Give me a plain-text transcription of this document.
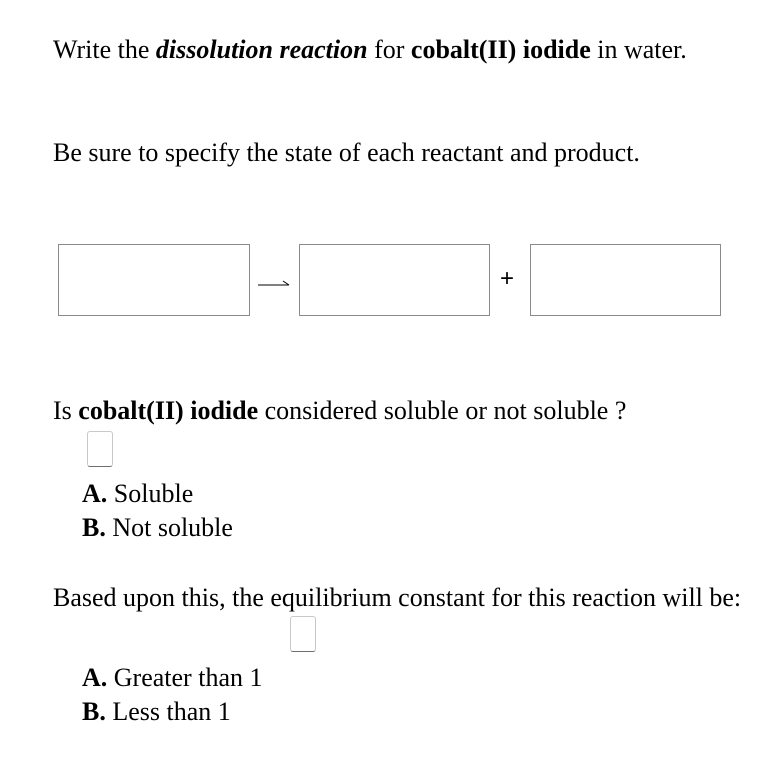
Write the dissolution reaction for cobalt(II) iodide in water.

Be sure to specify the state of each reactant and product.

+

Is cobalt(II) iodide considered soluble or not soluble ?

A. Soluble
B. Not soluble

Based upon this, the equilibrium constant for this reaction will be:

A. Greater than 1
B. Less than 1
